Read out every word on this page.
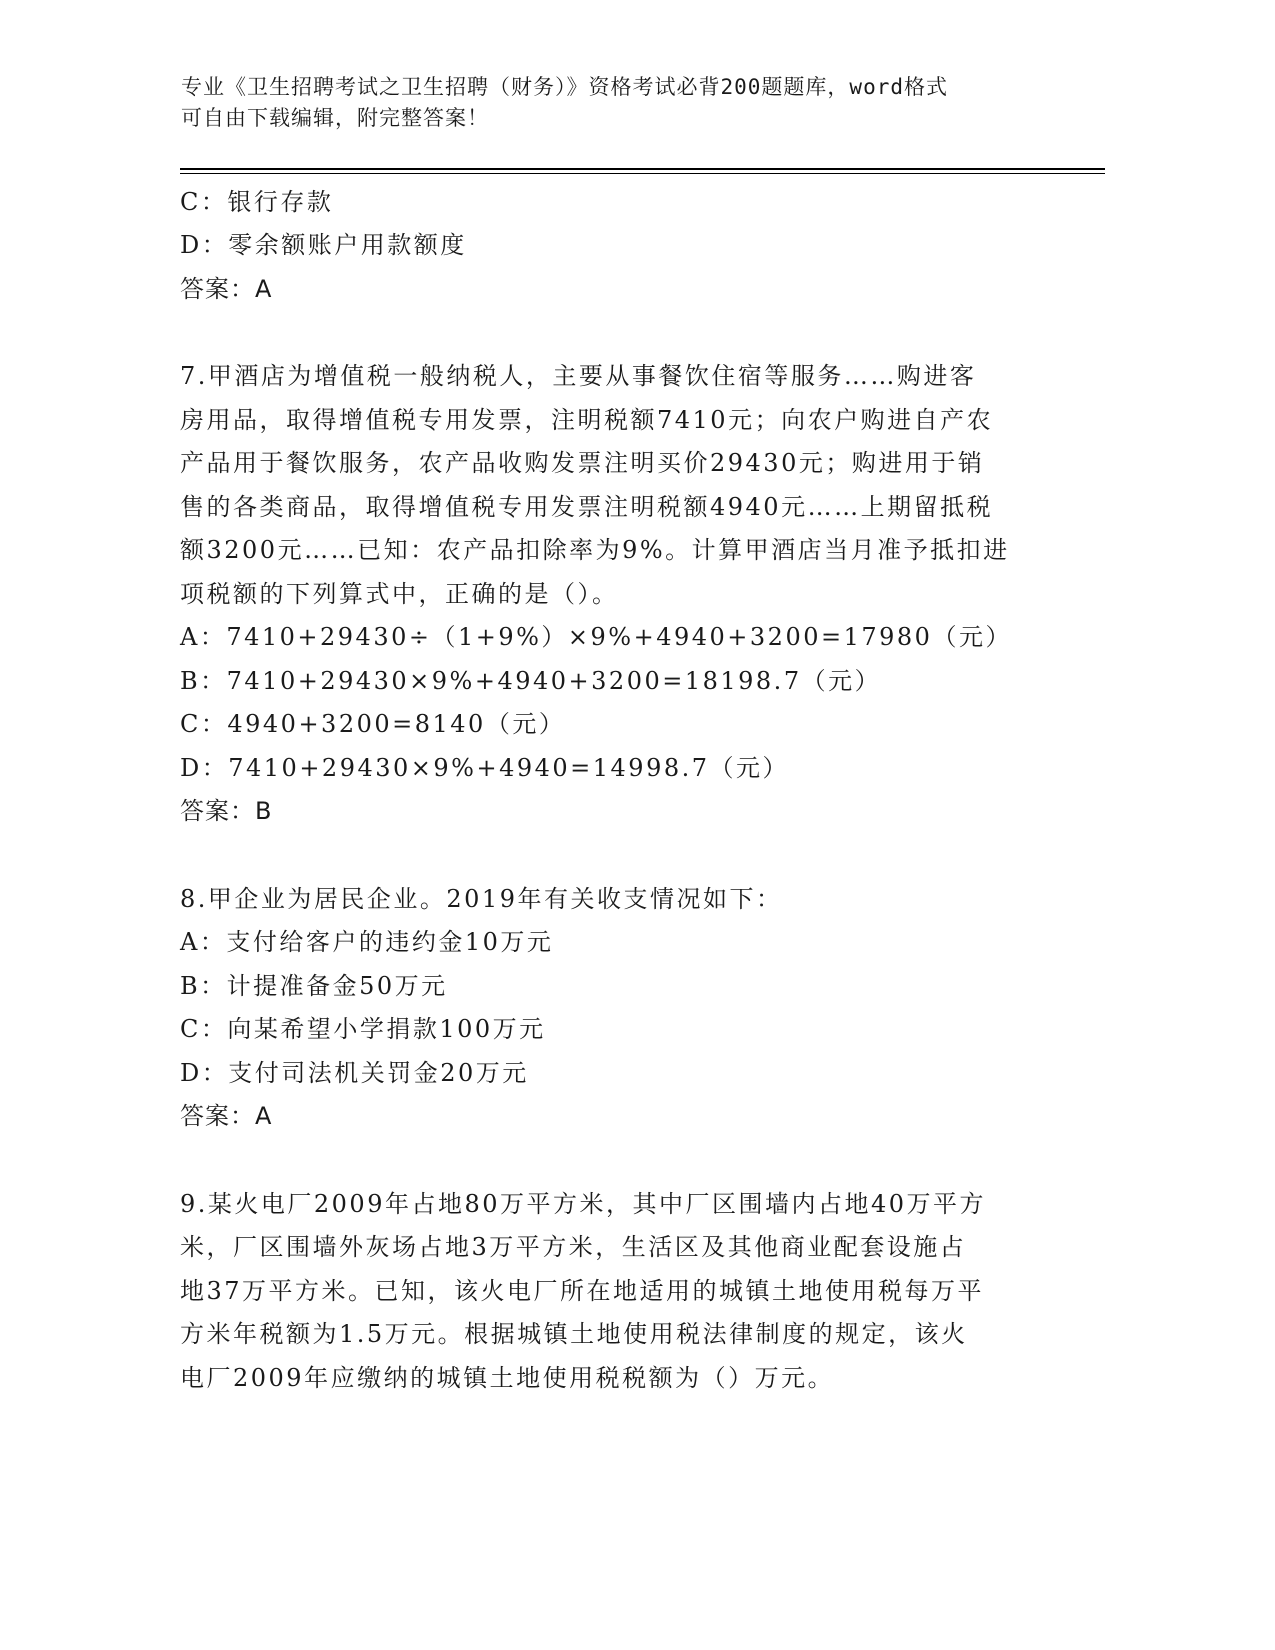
专业《卫生招聘考试之卫生招聘（财务）》资格考试必背200题题库，word格式
可自由下载编辑，附完整答案！
C：银行存款
D：零余额账户用款额度
答案：A
7.甲酒店为增值税一般纳税人，主要从事餐饮住宿等服务……购进客
房用品，取得增值税专用发票，注明税额7410元；向农户购进自产农
产品用于餐饮服务，农产品收购发票注明买价29430元；购进用于销
售的各类商品，取得增值税专用发票注明税额4940元……上期留抵税
额3200元……已知：农产品扣除率为9%。计算甲酒店当月准予抵扣进
项税额的下列算式中，正确的是（）。
A：7410+29430÷（1+9%）×9%+4940+3200=17980（元）
B：7410+29430×9%+4940+3200=18198.7（元）
C：4940+3200=8140（元）
D：7410+29430×9%+4940=14998.7（元）
答案：B
8.甲企业为居民企业。2019年有关收支情况如下：
A：支付给客户的违约金10万元
B：计提准备金50万元
C：向某希望小学捐款100万元
D：支付司法机关罚金20万元
答案：A
9.某火电厂2009年占地80万平方米，其中厂区围墙内占地40万平方
米，厂区围墙外灰场占地3万平方米，生活区及其他商业配套设施占
地37万平方米。已知，该火电厂所在地适用的城镇土地使用税每万平
方米年税额为1.5万元。根据城镇土地使用税法律制度的规定，该火
电厂2009年应缴纳的城镇土地使用税税额为（）万元。
